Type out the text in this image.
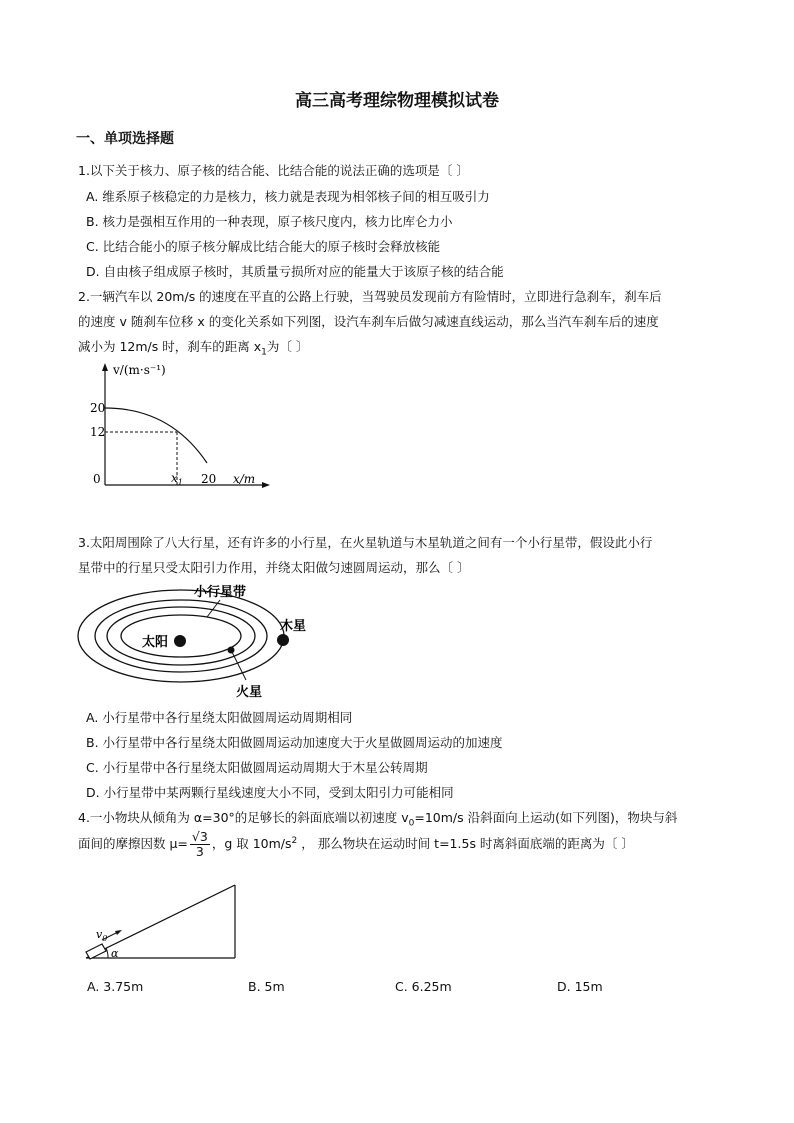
高三高考理综物理模拟试卷
一、单项选择题
1.以下关于核力、原子核的结合能、比结合能的说法正确的选项是〔 〕
A. 维系原子核稳定的力是核力，核力就是表现为相邻核子间的相互吸引力
B. 核力是强相互作用的一种表现，原子核尺度内，核力比库仑力小
C. 比结合能小的原子核分解成比结合能大的原子核时会释放核能
D. 自由核子组成原子核时，其质量亏损所对应的能量大于该原子核的结合能
2.一辆汽车以 20m/s 的速度在平直的公路上行驶，当驾驶员发现前方有险情时，立即进行急刹车，刹车后
的速度 v 随刹车位移 x 的变化关系如下列图，设汽车刹车后做匀减速直线运动，那么当汽车刹车后的速度
减小为 12m/s 时，刹车的距离 $x_1$为〔 〕
v/(m·s⁻¹)
x/m
0
20
12
$x_1$ 20
3.太阳周围除了八大行星，还有许多的小行星，在火星轨道与木星轨道之间有一个小行星带，假设此小行
星带中的行星只受太阳引力作用，并绕太阳做匀速圆周运动，那么〔 〕
小行星带
木星
太阳
火星
A. 小行星带中各行星绕太阳做圆周运动周期相同
B. 小行星带中各行星绕太阳做圆周运动加速度大于火星做圆周运动的加速度
C. 小行星带中各行星绕太阳做圆周运动周期大于木星公转周期
D. 小行星带中某两颗行星线速度大小不同，受到太阳引力可能相同
4.一小物块从倾角为 α=30°的足够长的斜面底端以初速度 $v_0=10m/s$ 沿斜面向上运动(如下列图)，物块与斜
面间的摩擦因数 $\mu= \frac{√3}{3}$ ，g 取 $10m/s^2$ ， 那么物块在运动时间 t=1.5s 时离斜面底端的距离为〔 〕
$v_0$
α
A. 3.75m	B. 5m	C. 6.25m	D. 15m
